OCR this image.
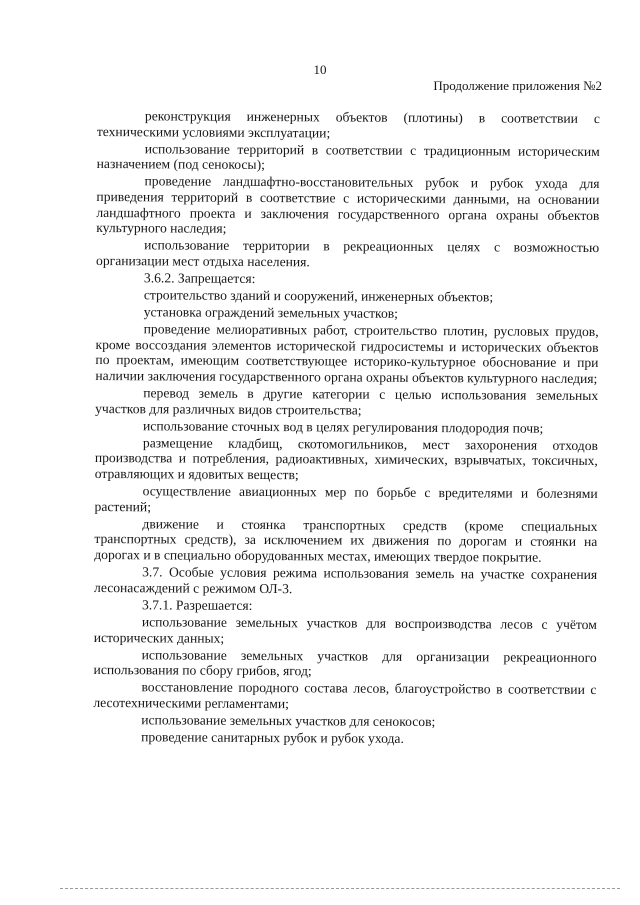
10
Продолжение приложения №2

реконструкция инженерных объектов (плотины) в соответствии с техническими условиями эксплуатации;

использование территорий в соответствии с традиционным историческим назначением (под сенокосы);

проведение ландшафтно-восстановительных рубок и рубок ухода для приведения территорий в соответствие с историческими данными, на основании ландшафтного проекта и заключения государственного органа охраны объектов культурного наследия;

использование территории в рекреационных целях с возможностью организации мест отдыха населения.

3.6.2. Запрещается:

строительство зданий и сооружений, инженерных объектов;

установка ограждений земельных участков;

проведение мелиоративных работ, строительство плотин, русловых прудов, кроме воссоздания элементов исторической гидросистемы и исторических объектов по проектам, имеющим соответствующее историко-культурное обоснование и при наличии заключения государственного органа охраны объектов культурного наследия;

перевод земель в другие категории с целью использования земельных участков для различных видов строительства;

использование сточных вод в целях регулирования плодородия почв;

размещение кладбищ, скотомогильников, мест захоронения отходов производства и потребления, радиоактивных, химических, взрывчатых, токсичных, отравляющих и ядовитых веществ;

осуществление авиационных мер по борьбе с вредителями и болезнями растений;

движение и стоянка транспортных средств (кроме специальных транспортных средств), за исключением их движения по дорогам и стоянки на дорогах и в специально оборудованных местах, имеющих твердое покрытие.

3.7. Особые условия режима использования земель на участке сохранения лесонасаждений с режимом ОЛ-3.

3.7.1. Разрешается:

использование земельных участков для воспроизводства лесов с учётом исторических данных;

использование земельных участков для организации рекреационного использования по сбору грибов, ягод;

восстановление породного состава лесов, благоустройство в соответствии с лесотехническими регламентами;

использование земельных участков для сенокосов;

проведение санитарных рубок и рубок ухода.
